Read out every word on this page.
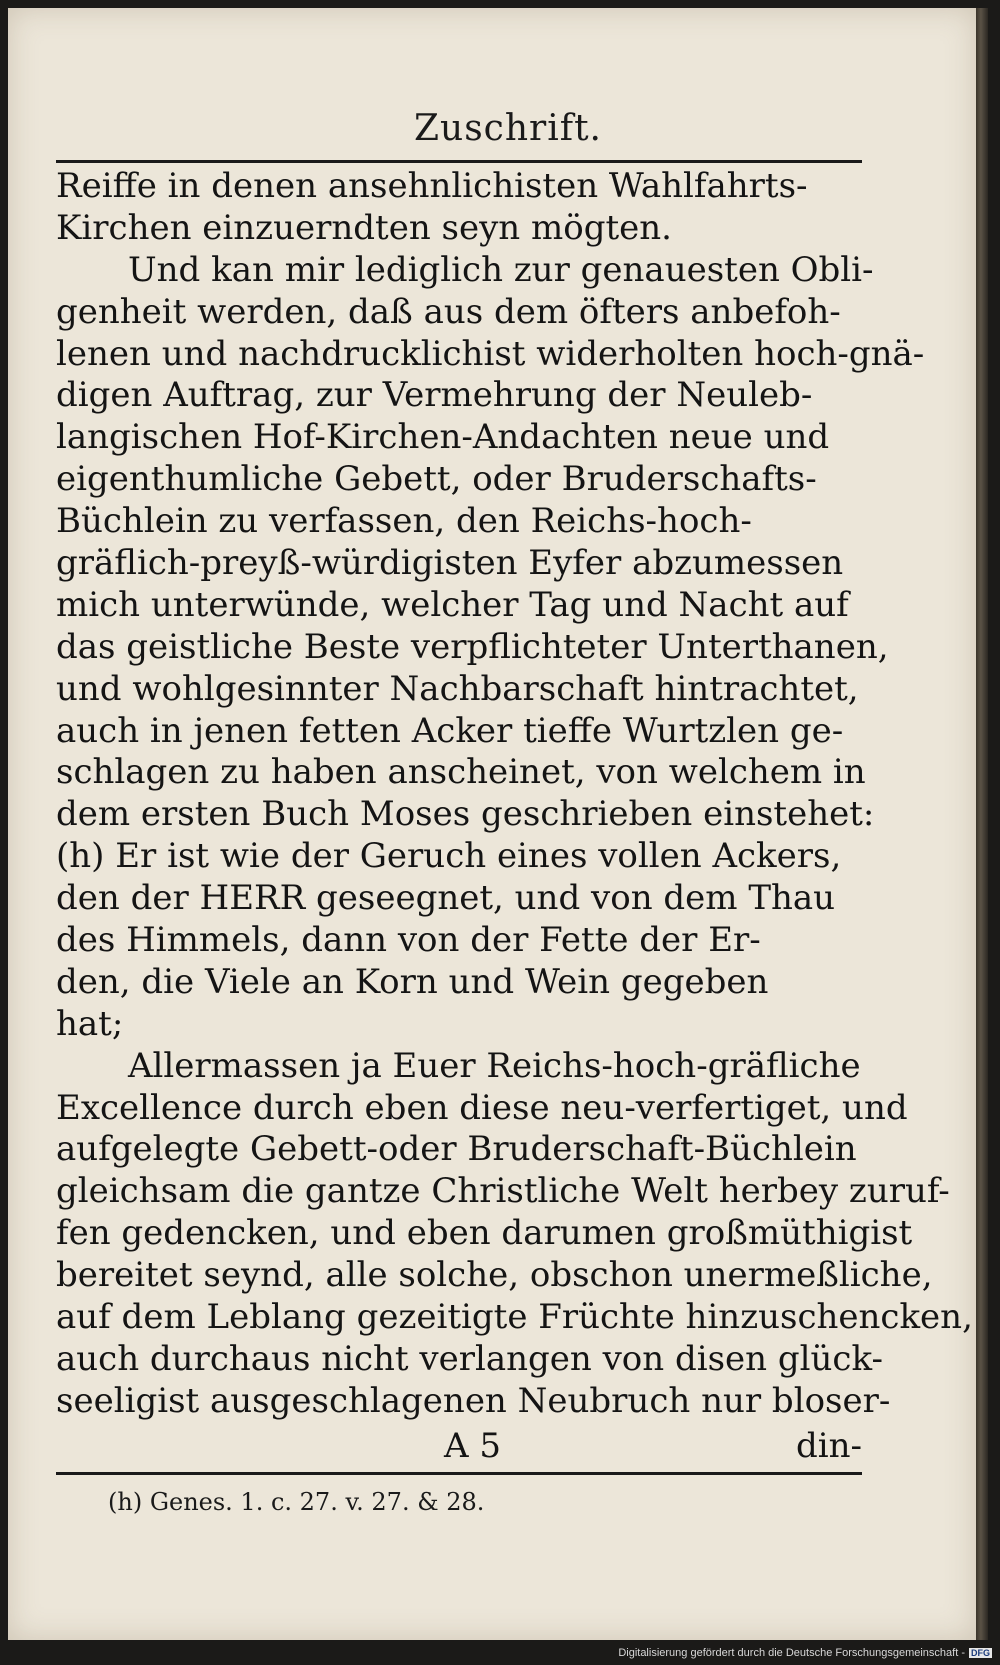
Zuschrift.
Reiffe in denen ansehnlichisten Wahlfahrts-
Kirchen einzuerndten seyn mögten.
Und kan mir lediglich zur genauesten Obli-
genheit werden, daß aus dem öfters anbefoh-
lenen und nachdrucklichist widerholten hoch-gnä-
digen Auftrag, zur Vermehrung der Neuleb-
langischen Hof-Kirchen-Andachten neue und
eigenthumliche Gebett, oder Bruderschafts-
Büchlein zu verfassen, den Reichs-hoch-
gräflich-preyß-würdigisten Eyfer abzumessen
mich unterwünde, welcher Tag und Nacht auf
das geistliche Beste verpflichteter Unterthanen,
und wohlgesinnter Nachbarschaft hintrachtet,
auch in jenen fetten Acker tieffe Wurtzlen ge-
schlagen zu haben anscheinet, von welchem in
dem ersten Buch Moses geschrieben einstehet:
(h) Er ist wie der Geruch eines vollen Ackers,
den der HERR geseegnet, und von dem Thau
des Himmels, dann von der Fette der Er-
den, die Viele an Korn und Wein gegeben
hat;
Allermassen ja Euer Reichs-hoch-gräfliche
Excellence durch eben diese neu-verfertiget, und
aufgelegte Gebett-oder Bruderschaft-Büchlein
gleichsam die gantze Christliche Welt herbey zuruf-
fen gedencken, und eben darumen großmüthigist
bereitet seynd, alle solche, obschon unermeßliche,
auf dem Leblang gezeitigte Früchte hinzuschencken,
auch durchaus nicht verlangen von disen glück-
seeligist ausgeschlagenen Neubruch nur bloser-
A 5	din-
(h) Genes. 1. c. 27. v. 27. & 28.
Digitalisierung gefördert durch die Deutsche Forschungsgemeinschaft - DFG
